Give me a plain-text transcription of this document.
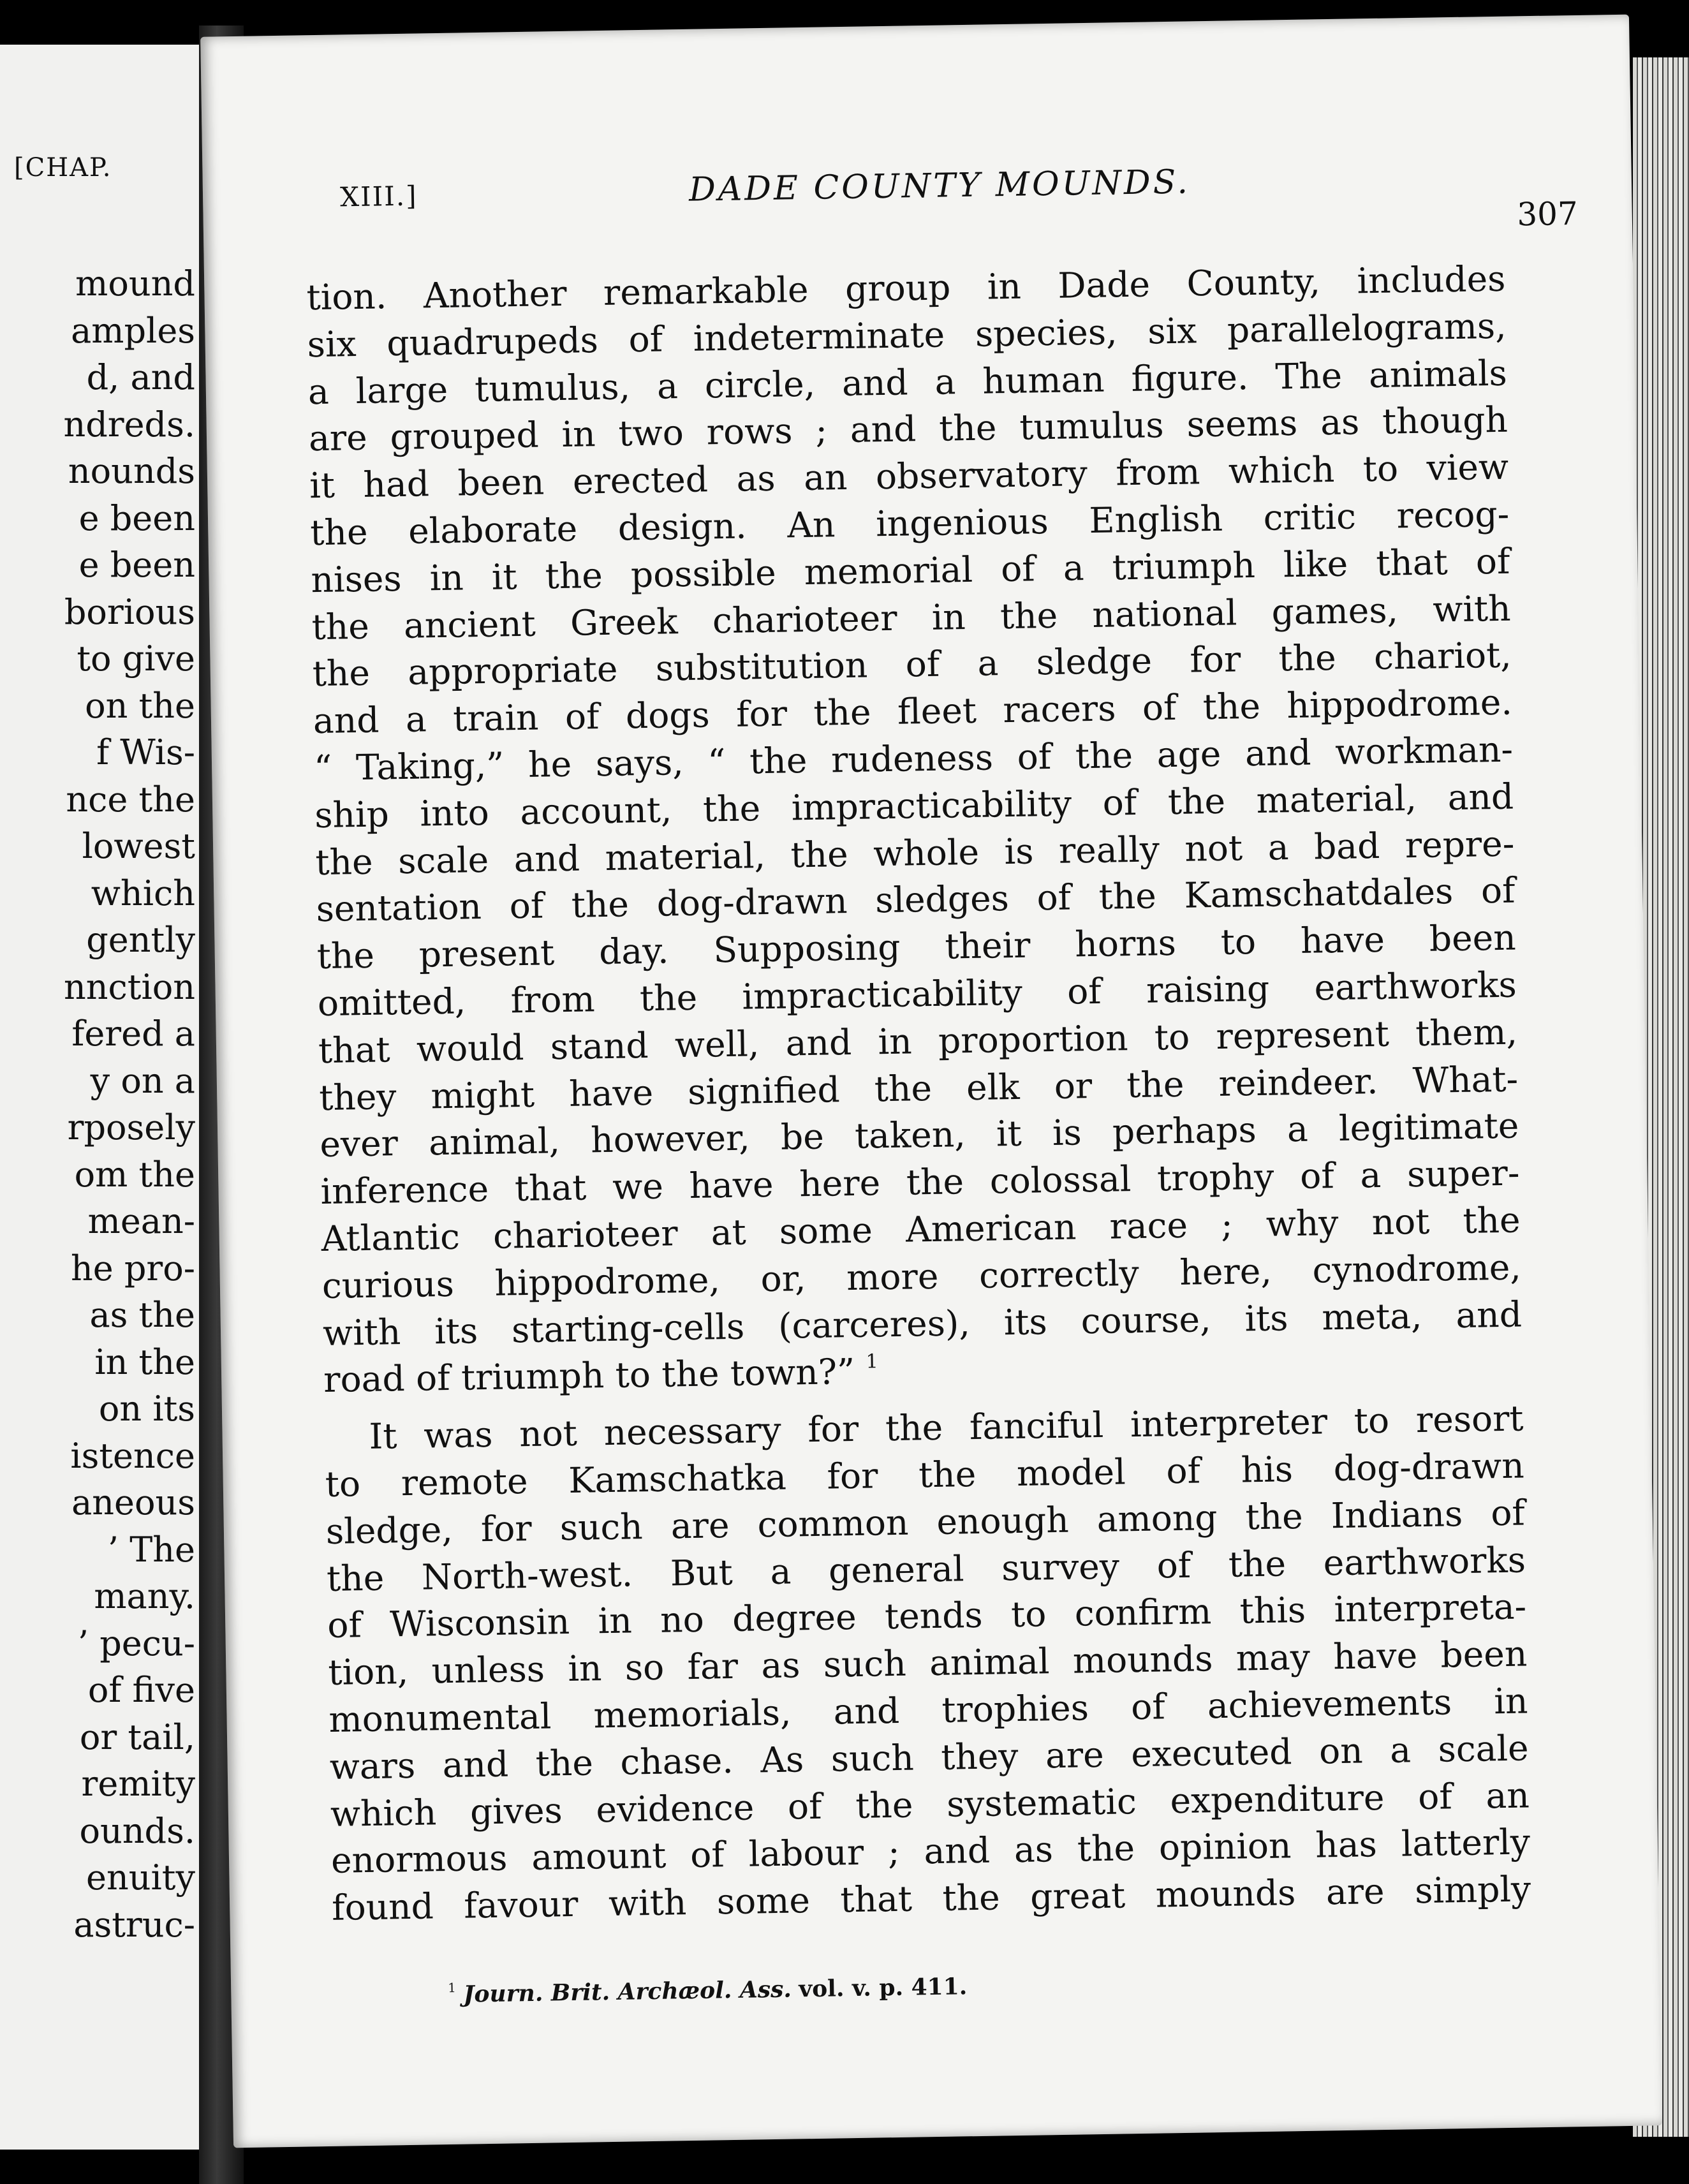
[CHAP.
mound
amples
d, and
ndreds.
nounds
e been
e been
borious
to give
on the
f Wis-
nce the
lowest
which
gently
nnction
fered a
y on a
rposely
om the
mean-
he pro-
as the
in the
on its
istence
aneous
’ The
many.
’ pecu-
of five
or tail,
remity
ounds.
enuity
astruc-
XIII.]	DADE COUNTY MOUNDS.
307
tion. Another remarkable group in Dade County, includes
six quadrupeds of indeterminate species, six parallelograms,
a large tumulus, a circle, and a human figure. The animals
are grouped in two rows ; and the tumulus seems as though
it had been erected as an observatory from which to view
the elaborate design. An ingenious English critic recog-
nises in it the possible memorial of a triumph like that of
the ancient Greek charioteer in the national games, with
the appropriate substitution of a sledge for the chariot,
and a train of dogs for the fleet racers of the hippodrome.
“ Taking,” he says, “ the rudeness of the age and workman-
ship into account, the impracticability of the material, and
the scale and material, the whole is really not a bad repre-
sentation of the dog-drawn sledges of the Kamschatdales of
the present day. Supposing their horns to have been
omitted, from the impracticability of raising earthworks
that would stand well, and in proportion to represent them,
they might have signified the elk or the reindeer. What-
ever animal, however, be taken, it is perhaps a legitimate
inference that we have here the colossal trophy of a super-
Atlantic charioteer at some American race ; why not the
curious hippodrome, or, more correctly here, cynodrome,
with its starting-cells (carceres), its course, its meta, and
road of triumph to the town?” $^1$
It was not necessary for the fanciful interpreter to resort
to remote Kamschatka for the model of his dog-drawn
sledge, for such are common enough among the Indians of
the North-west. But a general survey of the earthworks
of Wisconsin in no degree tends to confirm this interpreta-
tion, unless in so far as such animal mounds may have been
monumental memorials, and trophies of achievements in
wars and the chase. As such they are executed on a scale
which gives evidence of the systematic expenditure of an
enormous amount of labour ; and as the opinion has latterly
found favour with some that the great mounds are simply
$^1$ Journ. Brit. Archæol. Ass. vol. v. p. 411.
